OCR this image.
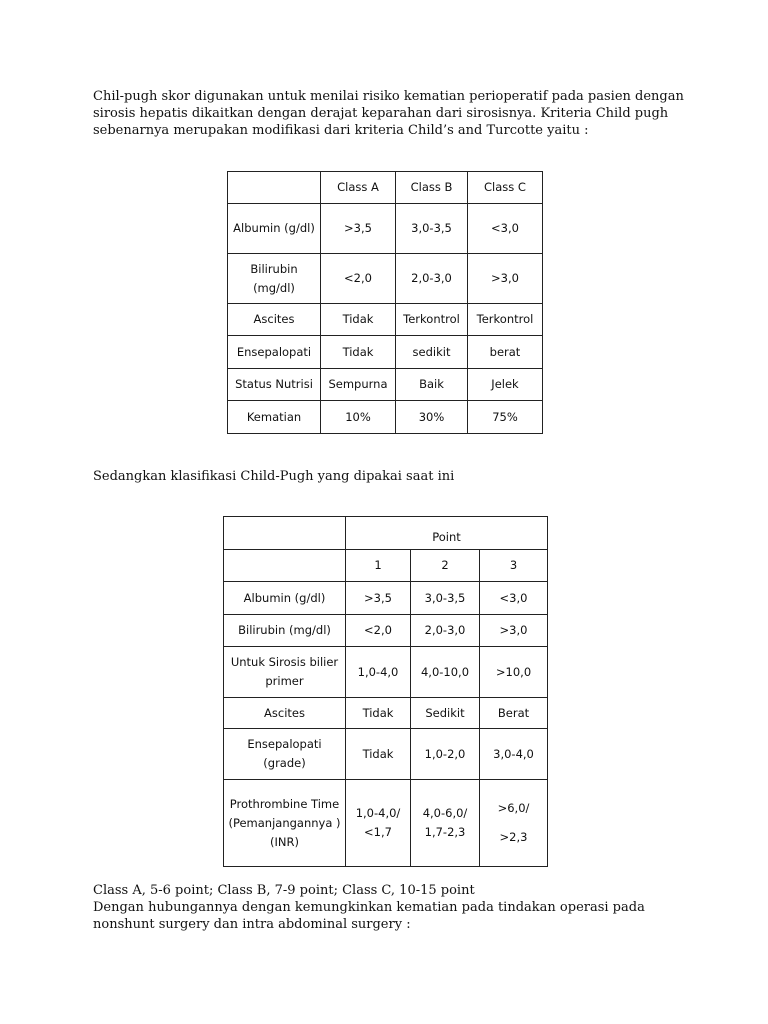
Chil-pugh skor digunakan untuk menilai risiko kematian perioperatif pada pasien dengan sirosis hepatis dikaitkan dengan derajat keparahan dari sirosisnya. Kriteria Child pugh sebenarnya merupakan modifikasi dari kriteria Child’s and Turcotte yaitu :

	Class A	Class B	Class C
Albumin (g/dl)	>3,5	3,0-3,5	<3,0
Bilirubin (mg/dl)	<2,0	2,0-3,0	>3,0
Ascites	Tidak	Terkontrol	Terkontrol
Ensepalopati	Tidak	sedikit	berat
Status Nutrisi	Sempurna	Baik	Jelek
Kematian	10%	30%	75%

Sedangkan klasifikasi Child-Pugh yang dipakai saat ini

	Point		
	1	2	3
Albumin (g/dl)	>3,5	3,0-3,5	<3,0
Bilirubin (mg/dl)	<2,0	2,0-3,0	>3,0
Untuk Sirosis bilier primer	1,0-4,0	4,0-10,0	>10,0
Ascites	Tidak	Sedikit	Berat
Ensepalopati (grade)	Tidak	1,0-2,0	3,0-4,0
Prothrombine Time (Pemanjangannya ) (INR)	1,0-4,0/ <1,7	4,0-6,0/ 1,7-2,3	>6,0/
>2,3

Class A, 5-6 point; Class B, 7-9 point; Class C, 10-15 point

Dengan hubungannya dengan kemungkinkan kematian pada tindakan operasi pada nonshunt surgery dan intra abdominal surgery :
